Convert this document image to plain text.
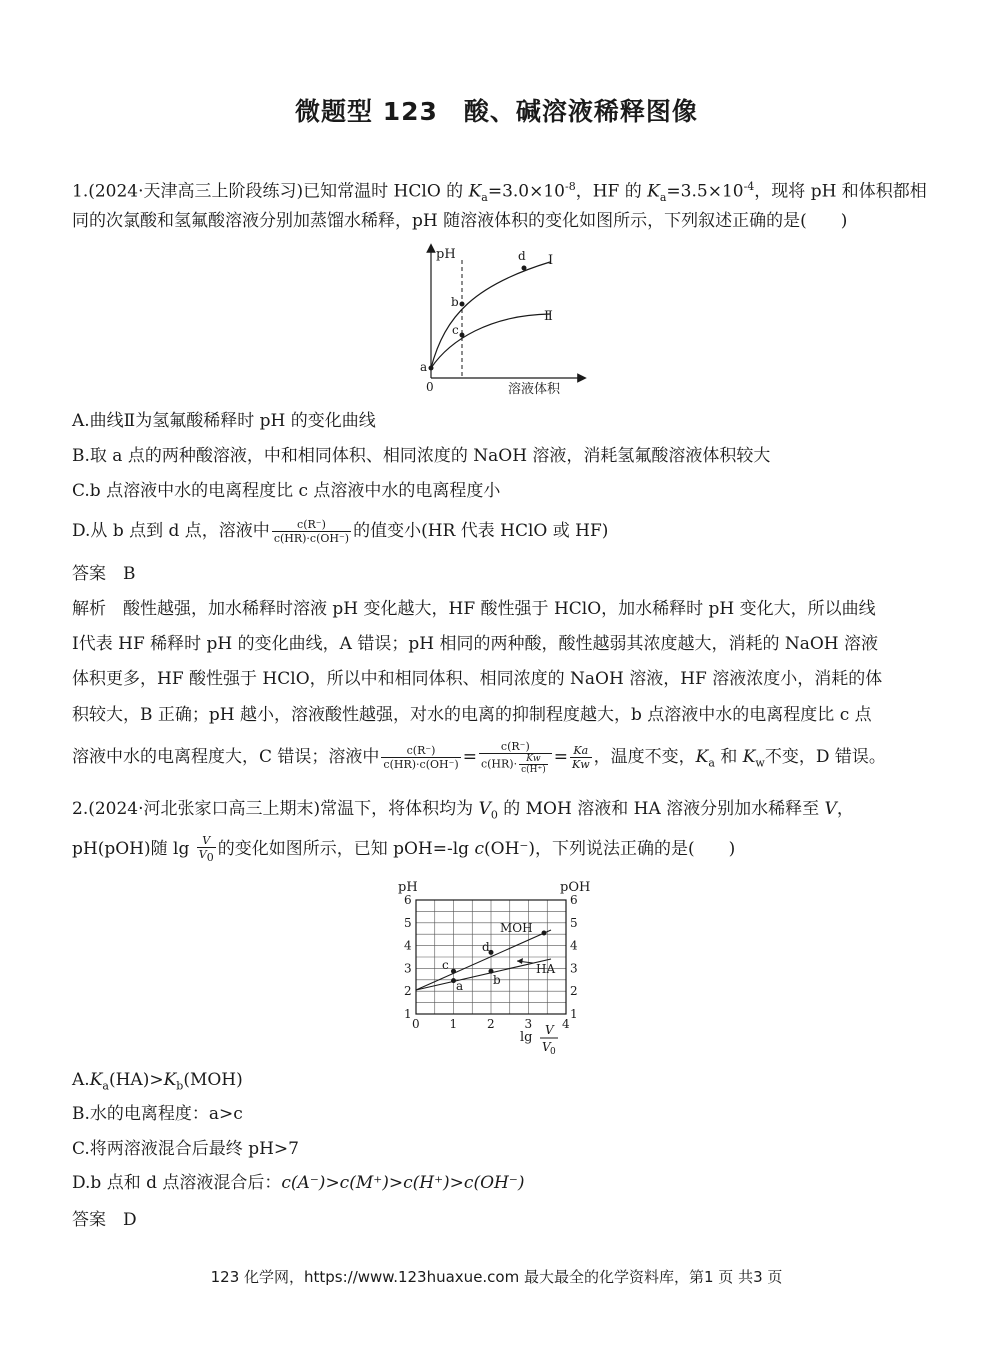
微题型 123　酸、碱溶液稀释图像
1.(2024·天津高三上阶段练习)已知常温时 HClO 的 $K_a=3.0\times 10^{-8}$，HF 的 $K_a=3.5\times 10^{-4}$，现将 pH 和体积都相
同的次氯酸和氢氟酸溶液分别加蒸馏水稀释，pH 随溶液体积的变化如图所示，下列叙述正确的是(　　)
pH
溶液体积
0
a
b
c
d Ⅰ
Ⅱ
A.曲线Ⅱ为氢氟酸稀释时 pH 的变化曲线
B.取 a 点的两种酸溶液，中和相同体积、相同浓度的 NaOH 溶液，消耗氢氟酸溶液体积较大
C.b 点溶液中水的电离程度比 c 点溶液中水的电离程度小
D.从 b 点到 d 点，溶液中 $\frac{c(R^-)}{c(HR)\cdot c(OH^-)}$ 的值变小(HR 代表 HClO 或 HF)
答案　B
解析　酸性越强，加水稀释时溶液 pH 变化越大，HF 酸性强于 HClO，加水稀释时 pH 变化大，所以曲线
Ⅰ代表 HF 稀释时 pH 的变化曲线，A 错误；pH 相同的两种酸，酸性越弱其浓度越大，消耗的 NaOH 溶液
体积更多，HF 酸性强于 HClO，所以中和相同体积、相同浓度的 NaOH 溶液，HF 溶液浓度小，消耗的体
积较大，B 正确；pH 越小，溶液酸性越强，对水的电离的抑制程度越大，b 点溶液中水的电离程度比 c 点
溶液中水的电离程度大，C 错误；溶液中 $\frac{c(R^-)}{c(HR)\cdot c(OH^-)} = \frac{c(R^-)}{c(HR)\cdot \frac{Kw}{c(H^+)}} = \frac{Ka}{Kw}$ ，温度不变，$K_a$ 和 $K_w$不变，D 错误。
2.(2024·河北张家口高三上期末)常温下，将体积均为 $V_0$ 的 MOH 溶液和 HA 溶液分别加水稀释至 V，
pH(pOH)随 $\lg \frac{V}{V_0}$ 的变化如图所示，已知 pOH=-lg c(OH⁻)，下列说法正确的是(　　)
pH	pOH
0 1 2 3 4
1	1
2	2
3	3
4	4
5	5
6	6
a b
c
d
MOH
HA
lg V
V 0
$A.K_a(HA)>K_b(MOH)$
B.水的电离程度：a>c
C.将两溶液混合后最终 pH>7
D.b 点和 d 点溶液混合后：c(A⁻)>c(M⁺)>c(H⁺)>c(OH⁻)
答案　D
123 化学网，https://www.123huaxue.com 最大最全的化学资料库，第1 页 共3 页
